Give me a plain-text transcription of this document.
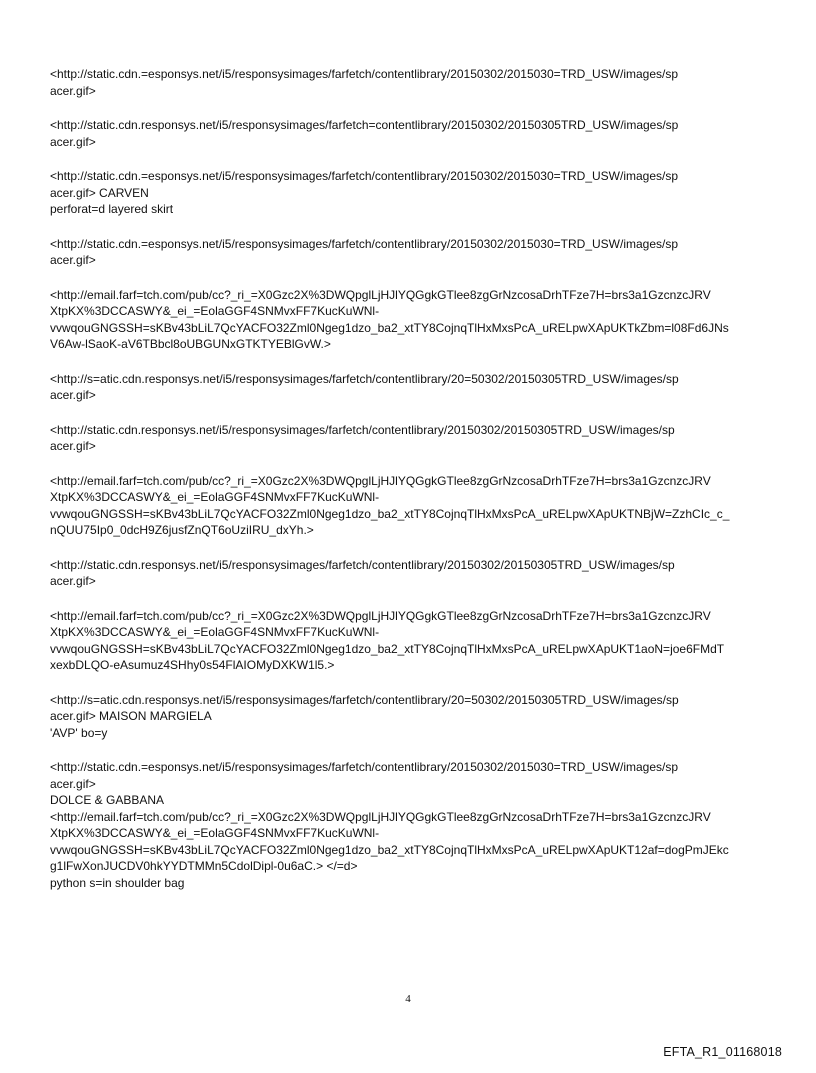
<http://static.cdn.=esponsys.net/i5/responsysimages/farfetch/contentlibrary/20150302/2015030=TRD_USW/images/sp
acer.gif>
<http://static.cdn.responsys.net/i5/responsysimages/farfetch=contentlibrary/20150302/20150305TRD_USW/images/sp
acer.gif>
<http://static.cdn.=esponsys.net/i5/responsysimages/farfetch/contentlibrary/20150302/2015030=TRD_USW/images/sp
acer.gif> CARVEN
perforat=d layered skirt
<http://static.cdn.=esponsys.net/i5/responsysimages/farfetch/contentlibrary/20150302/2015030=TRD_USW/images/sp
acer.gif>
<http://email.farf=tch.com/pub/cc?_ri_=X0Gzc2X%3DWQpglLjHJlYQGgkGTlee8zgGrNzcosaDrhTFze7H=brs3a1GzcnzcJRV
XtpKX%3DCCASWY&_ei_=EolaGGF4SNMvxFF7KucKuWNl-
vvwqouGNGSSH=sKBv43bLiL7QcYACFO32Zml0Ngeg1dzo_ba2_xtTY8CojnqTlHxMxsPcA_uRELpwXApUKTkZbm=l08Fd6JNs
V6Aw-lSaoK-aV6TBbcl8oUBGUNxGTKTYEBlGvW.>
<http://s=atic.cdn.responsys.net/i5/responsysimages/farfetch/contentlibrary/20=50302/20150305TRD_USW/images/sp
acer.gif>
<http://static.cdn.responsys.net/i5/responsysimages/farfetch/contentlibrary/20150302/20150305TRD_USW/images/sp
acer.gif>
<http://email.farf=tch.com/pub/cc?_ri_=X0Gzc2X%3DWQpglLjHJlYQGgkGTlee8zgGrNzcosaDrhTFze7H=brs3a1GzcnzcJRV
XtpKX%3DCCASWY&_ei_=EolaGGF4SNMvxFF7KucKuWNl-
vvwqouGNGSSH=sKBv43bLiL7QcYACFO32Zml0Ngeg1dzo_ba2_xtTY8CojnqTlHxMxsPcA_uRELpwXApUKTNBjW=ZzhCIc_c_
nQUU75Ip0_0dcH9Z6jusfZnQT6oUziIRU_dxYh.>
<http://static.cdn.responsys.net/i5/responsysimages/farfetch/contentlibrary/20150302/20150305TRD_USW/images/sp
acer.gif>
<http://email.farf=tch.com/pub/cc?_ri_=X0Gzc2X%3DWQpglLjHJlYQGgkGTlee8zgGrNzcosaDrhTFze7H=brs3a1GzcnzcJRV
XtpKX%3DCCASWY&_ei_=EolaGGF4SNMvxFF7KucKuWNl-
vvwqouGNGSSH=sKBv43bLiL7QcYACFO32Zml0Ngeg1dzo_ba2_xtTY8CojnqTlHxMxsPcA_uRELpwXApUKT1aoN=joe6FMdT
xexbDLQO-eAsumuz4SHhy0s54FlAIOMyDXKW1l5.>
<http://s=atic.cdn.responsys.net/i5/responsysimages/farfetch/contentlibrary/20=50302/20150305TRD_USW/images/sp
acer.gif> MAISON MARGIELA
'AVP' bo=y
<http://static.cdn.=esponsys.net/i5/responsysimages/farfetch/contentlibrary/20150302/2015030=TRD_USW/images/sp
acer.gif>
DOLCE & GABBANA
<http://email.farf=tch.com/pub/cc?_ri_=X0Gzc2X%3DWQpglLjHJlYQGgkGTlee8zgGrNzcosaDrhTFze7H=brs3a1GzcnzcJRV
XtpKX%3DCCASWY&_ei_=EolaGGF4SNMvxFF7KucKuWNl-
vvwqouGNGSSH=sKBv43bLiL7QcYACFO32Zml0Ngeg1dzo_ba2_xtTY8CojnqTlHxMxsPcA_uRELpwXApUKT12af=dogPmJEkc
g1lFwXonJUCDV0hkYYDTMMn5CdolDipl-0u6aC.> </=d>
python s=in shoulder bag
4
EFTA_R1_01168018
